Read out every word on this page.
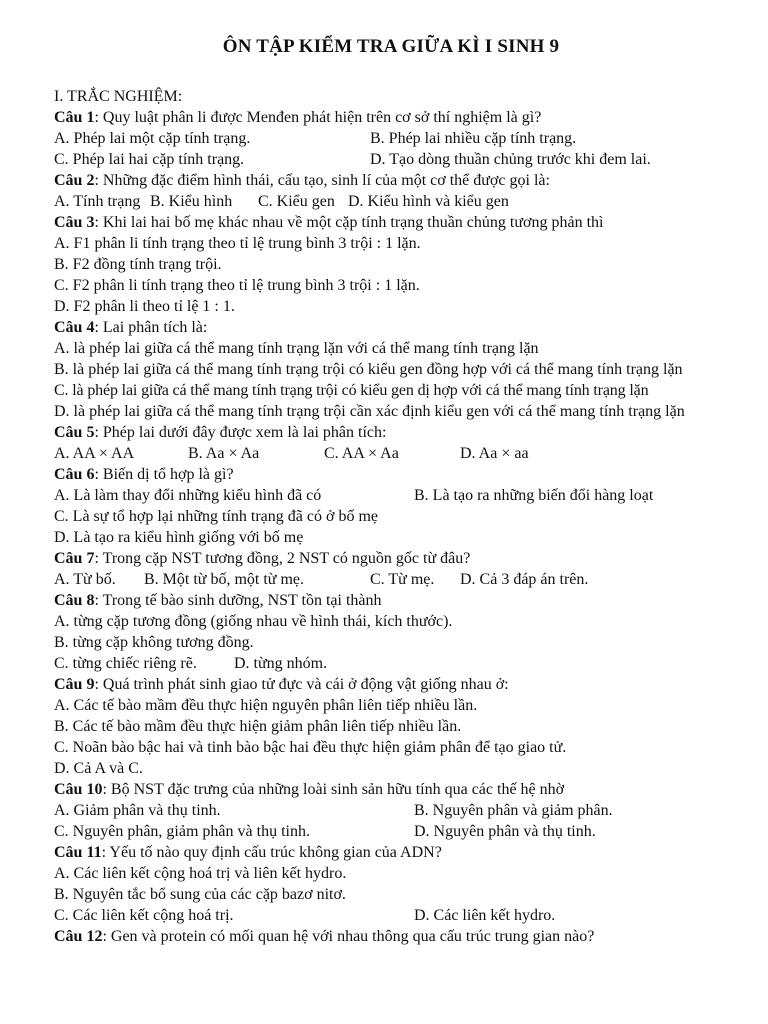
ÔN TẬP KIỂM TRA GIỮA KÌ I SINH 9

I. TRẮC NGHIỆM:

Câu 1: Quy luật phân li được Menđen phát hiện trên cơ sở thí nghiệm là gì?

A. Phép lai một cặp tính trạng.	B. Phép lai nhiều cặp tính trạng.
C. Phép lai hai cặp tính trạng.	D. Tạo dòng thuần chủng trước khi đem lai.

Câu 2: Những đặc điểm hình thái, cấu tạo, sinh lí của một cơ thể được gọi là:

A. Tính trạng B. Kiểu hình	C. Kiểu gen D. Kiểu hình và kiểu gen

Câu 3: Khi lai hai bố mẹ khác nhau về một cặp tính trạng thuần chủng tương phản thì

A. F1 phân li tính trạng theo tỉ lệ trung bình 3 trội : 1 lặn.

B. F2 đồng tính trạng trội.

C. F2 phân li tính trạng theo tỉ lệ trung bình 3 trội : 1 lặn.

D. F2 phân li theo tỉ lệ 1 : 1.

Câu 4: Lai phân tích là:

A. là phép lai giữa cá thể mang tính trạng lặn với cá thể mang tính trạng lặn

B. là phép lai giữa cá thể mang tính trạng trội có kiểu gen đồng hợp với cá thể mang tính trạng lặn

C. là phép lai giữa cá thể mang tính trạng trội có kiểu gen dị hợp với cá thể mang tính trạng lặn

D. là phép lai giữa cá thể mang tính trạng trội cần xác định kiểu gen với cá thể mang tính trạng lặn

Câu 5: Phép lai dưới đây được xem là lai phân tích:

A. AA × AA	B. Aa × Aa	C. AA × Aa	D. Aa × aa

Câu 6: Biến dị tổ hợp là gì?

A. Là làm thay đổi những kiểu hình đã có	B. Là tạo ra những biến đổi hàng loạt

C. Là sự tổ hợp lại những tính trạng đã có ở bố mẹ

D. Là tạo ra kiểu hình giống với bố mẹ

Câu 7: Trong cặp NST tương đồng, 2 NST có nguồn gốc từ đâu?

A. Từ bố.	B. Một từ bố, một từ mẹ.	C. Từ mẹ.	D. Cả 3 đáp án trên.

Câu 8: Trong tế bào sinh dưỡng, NST tồn tại thành

A. từng cặp tương đồng (giống nhau về hình thái, kích thước).

B. từng cặp không tương đồng.

C. từng chiếc riêng rẽ.	D. từng nhóm.

Câu 9: Quá trình phát sinh giao tử đực và cái ở động vật giống nhau ở:

A. Các tế bào mầm đều thực hiện nguyên phân liên tiếp nhiều lần.

B. Các tế bào mầm đều thực hiện giảm phân liên tiếp nhiều lần.

C. Noãn bào bậc hai và tinh bào bậc hai đều thực hiện giảm phân để tạo giao tử.

D. Cả A và C.

Câu 10: Bộ NST đặc trưng của những loài sinh sản hữu tính qua các thế hệ nhờ

A. Giảm phân và thụ tinh.	B. Nguyên phân và giảm phân.
C. Nguyên phân, giảm phân và thụ tinh.	D. Nguyên phân và thụ tinh.

Câu 11: Yếu tố nào quy định cấu trúc không gian của ADN?

A. Các liên kết cộng hoá trị và liên kết hydro.

B. Nguyên tắc bổ sung của các cặp bazơ nitơ.

C. Các liên kết cộng hoá trị.	D. Các liên kết hydro.

Câu 12: Gen và protein có mối quan hệ với nhau thông qua cấu trúc trung gian nào?
